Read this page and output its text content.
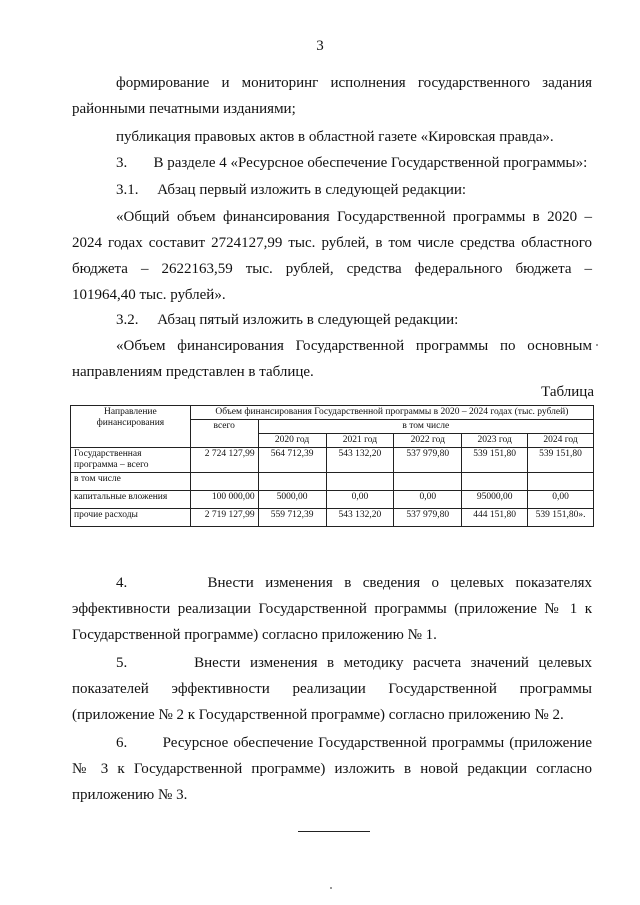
3
формирование и мониторинг исполнения государственного задания
районными печатными изданиями;
публикация правовых актов в областной газете «Кировская правда».
3.       В разделе 4 «Ресурсное обеспечение Государственной программы»:
3.1.     Абзац первый изложить в следующей редакции:
«Общий объем финансирования Государственной программы в 2020 –
2024 годах составит 2724127,99 тыс. рублей, в том числе средства областного
бюджета – 2622163,59 тыс. рублей, средства федерального бюджета –
101964,40 тыс. рублей».
3.2.     Абзац пятый изложить в следующей редакции:
«Объем финансирования Государственной программы по основным
направлениям представлен в таблице.
Таблица
Направление финансирования	Объем финансирования Государственной программы в 2020 – 2024 годах (тыс. рублей)					
	всего	в том числе				
		2020 год	2021 год	2022 год	2023 год	2024 год
Государственная программа – всего	2 724 127,99	564 712,39	543 132,20	537 979,80	539 151,80	539 151,80
в том числе						
капитальные вложения	100 000,00	5000,00	0,00	0,00	95000,00	0,00
прочие расходы	2 719 127,99	559 712,39	543 132,20	537 979,80	444 151,80	539 151,80».
4.       Внести изменения в сведения о целевых показателях
эффективности реализации Государственной программы (приложение № 1 к
Государственной программе) согласно приложению № 1.
5.       Внести изменения в методику расчета значений целевых
показателей эффективности реализации Государственной программы
(приложение № 2 к Государственной программе) согласно приложению № 2.
6.       Ресурсное обеспечение Государственной программы (приложение
№ 3 к Государственной программе) изложить в новой редакции согласно
приложению № 3.
